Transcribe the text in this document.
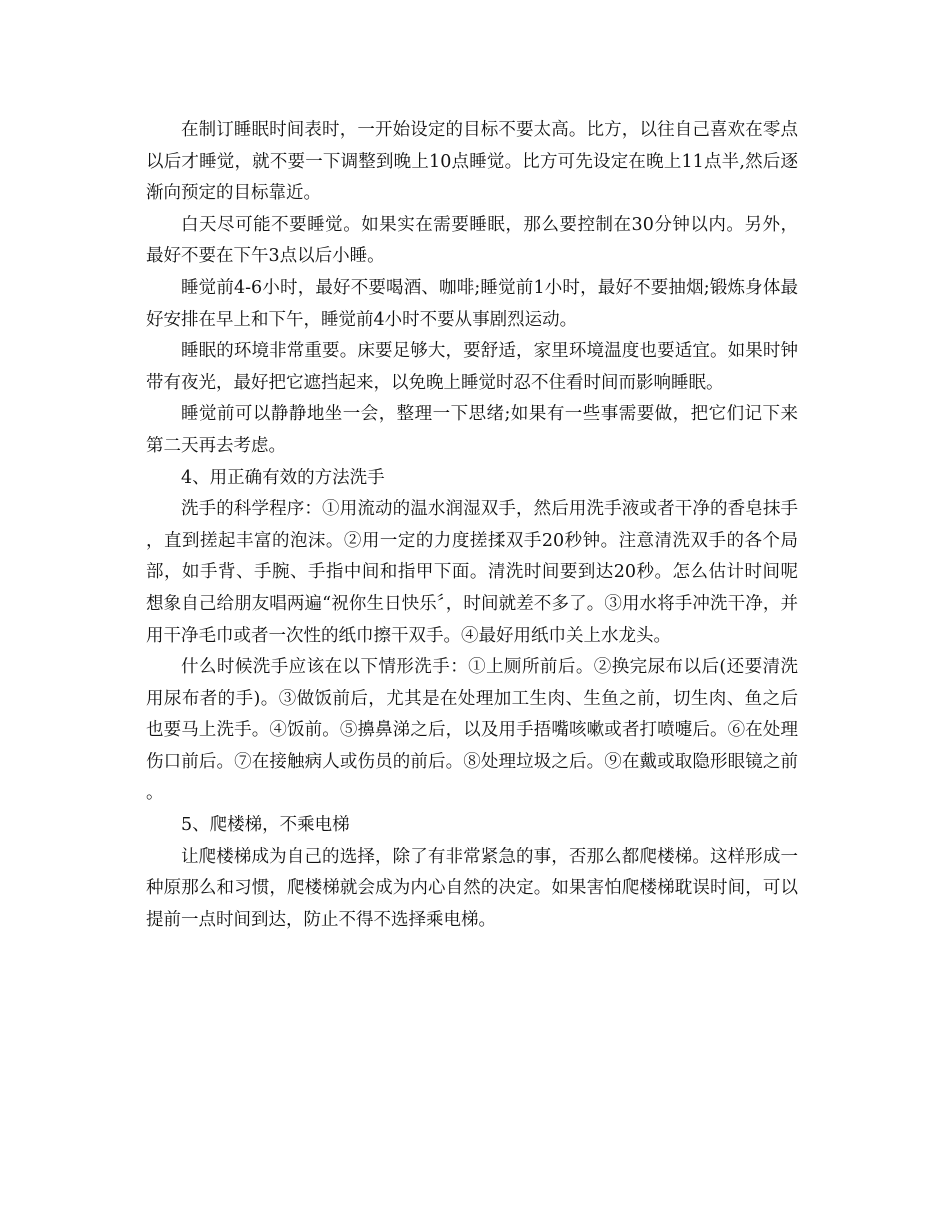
在制订睡眠时间表时，一开始设定的目标不要太高。比方，以往自己喜欢在零点以后才睡觉，就不要一下调整到晚上10点睡觉。比方可先设定在晚上11点半,然后逐渐向预定的目标靠近。

白天尽可能不要睡觉。如果实在需要睡眠，那么要控制在30分钟以内。另外，最好不要在下午3点以后小睡。

睡觉前4-6小时，最好不要喝酒、咖啡;睡觉前1小时，最好不要抽烟;锻炼身体最好安排在早上和下午，睡觉前4小时不要从事剧烈运动。

睡眠的环境非常重要。床要足够大，要舒适，家里环境温度也要适宜。如果时钟带有夜光，最好把它遮挡起来，以免晚上睡觉时忍不住看时间而影响睡眠。

睡觉前可以静静地坐一会，整理一下思绪;如果有一些事需要做，把它们记下来第二天再去考虑。

4、用正确有效的方法洗手

洗手的科学程序：①用流动的温水润湿双手，然后用洗手液或者干净的香皂抹手，直到搓起丰富的泡沫。②用一定的力度搓揉双手20秒钟。注意清洗双手的各个局部，如手背、手腕、手指中间和指甲下面。清洗时间要到达20秒。怎么估计时间呢想象自己给朋友唱两遍“祝你生日快乐〞，时间就差不多了。③用水将手冲洗干净，并用干净毛巾或者一次性的纸巾擦干双手。④最好用纸巾关上水龙头。

什么时候洗手应该在以下情形洗手：①上厕所前后。②换完尿布以后(还要清洗用尿布者的手)。③做饭前后，尤其是在处理加工生肉、生鱼之前，切生肉、鱼之后也要马上洗手。④饭前。⑤擤鼻涕之后，以及用手捂嘴咳嗽或者打喷嚏后。⑥在处理伤口前后。⑦在接触病人或伤员的前后。⑧处理垃圾之后。⑨在戴或取隐形眼镜之前。

5、爬楼梯，不乘电梯

让爬楼梯成为自己的选择，除了有非常紧急的事，否那么都爬楼梯。这样形成一种原那么和习惯，爬楼梯就会成为内心自然的决定。如果害怕爬楼梯耽误时间，可以提前一点时间到达，防止不得不选择乘电梯。
